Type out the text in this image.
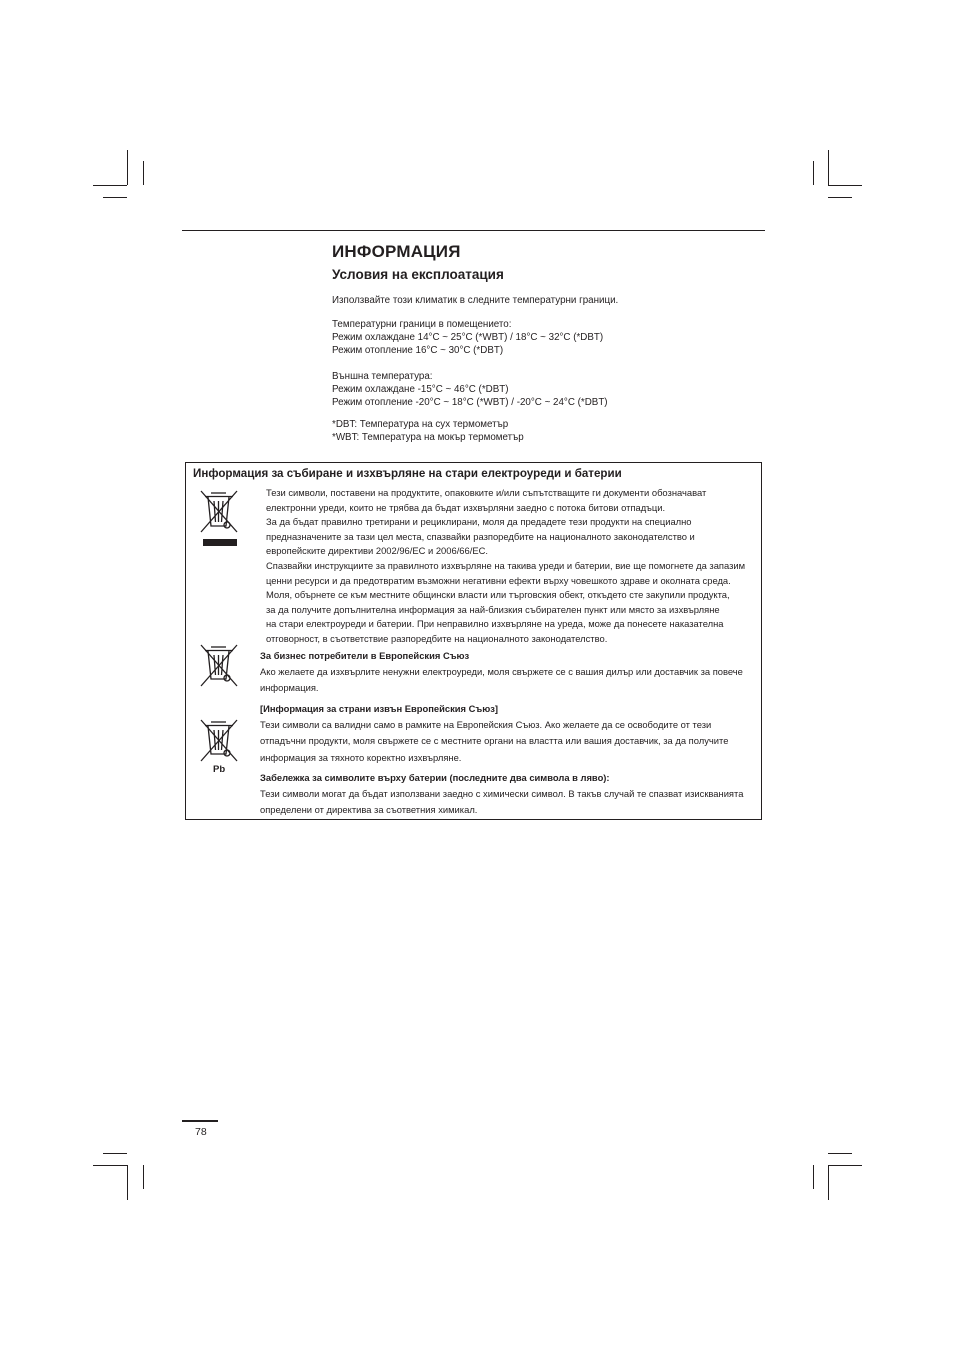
ИНФОРМАЦИЯ
Условия на експлоатация
Използвайте този климатик в следните температурни граници.
Температурни граници в помещението:
Режим охлаждане 14°C ~ 25°C (*WBT) / 18°C ~ 32°C (*DBT)
Режим отопление 16°C ~ 30°C (*DBT)
Външна температура:
Режим охлаждане -15°C ~ 46°C (*DBT)
Режим отопление -20°C ~ 18°C (*WBT) / -20°C ~ 24°C (*DBT)
*DBT: Температура на сух термометър
*WBT: Температура на мокър термометър
Информация за събиране и изхвърляне на стари електроуреди и батерии
Pb
Тези символи, поставени на продуктите, опаковките и/или съпътстващите ги документи обозначават
електронни уреди, които не трябва да бъдат изхвърляни заедно с потока битови отпадъци.
За да бъдат правилно третирани и рециклирани, моля да предадете тези продукти на специално
предназначените за тази цел места, спазвайки разпоредбите на националното законодателство и
европейските директиви 2002/96/ЕС и 2006/66/ЕС.
Спазвайки инструкциите за правилното изхвърляне на такива уреди и батерии, вие ще помогнете да запазим
ценни ресурси и да предотвратим възможни негативни ефекти върху човешкото здраве и околната среда.
Моля, обърнете се към местните общински власти или търговския обект, откъдето сте закупили продукта,
за да получите допълнителна информация за най-близкия събирателен пункт или място за изхвърляне
на стари електроуреди и батерии. При неправилно изхвърляне на уреда, може да понесете наказателна
отговорност, в съответствие разпоредбите на националното законодателство.
За бизнес потребители в Европейския Съюз
Ако желаете да изхвърлите ненужни електроуреди, моля свържете се с вашия дилър или доставчик за повече
информация.
[Информация за страни извън Европейския Съюз]
Тези символи са валидни само в рамките на Европейския Съюз. Ако желаете да се освободите от тези
отпадъчни продукти, моля свържете се с местните органи на властта или вашия доставчик, за да получите
информация за тяхното коректно изхвърляне.
Забележка за символите върху батерии (последните два символа в ляво):
Тези символи могат да бъдат използвани заедно с химически символ. В такъв случай те спазват изискванията
определени от директива за съответния химикал.
78
